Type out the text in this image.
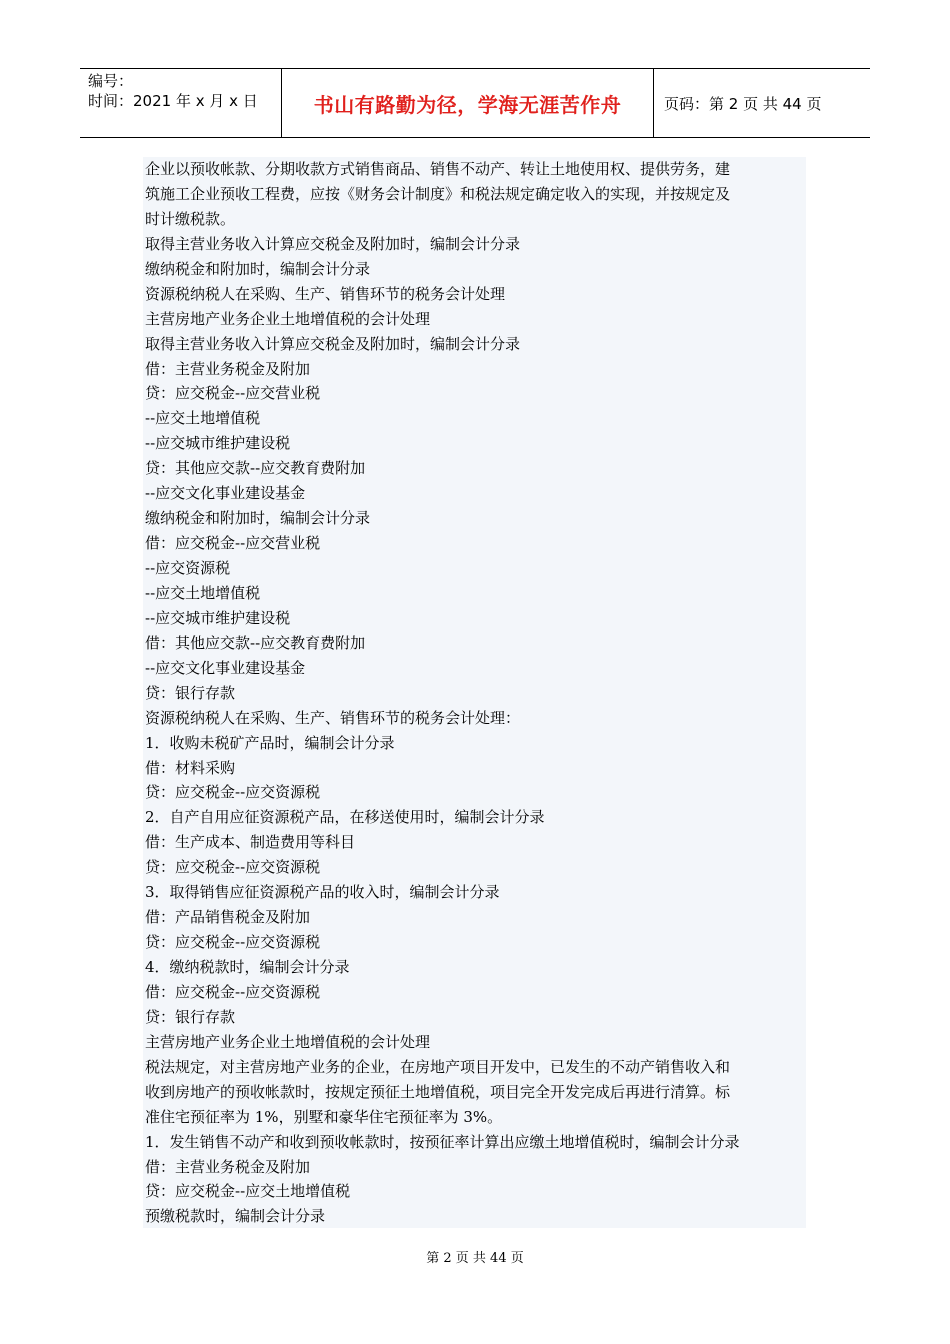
编号：
时间：2021 年 x 月 x 日	书山有路勤为径，学海无涯苦作舟	页码：第 2 页 共 44 页
企业以预收帐款、分期收款方式销售商品、销售不动产、转让土地使用权、提供劳务，建
筑施工企业预收工程费，应按《财务会计制度》和税法规定确定收入的实现，并按规定及
时计缴税款。
取得主营业务收入计算应交税金及附加时，编制会计分录
缴纳税金和附加时，编制会计分录
资源税纳税人在采购、生产、销售环节的税务会计处理
主营房地产业务企业土地增值税的会计处理
取得主营业务收入计算应交税金及附加时，编制会计分录
借：主营业务税金及附加
贷：应交税金--应交营业税
--应交土地增值税
--应交城市维护建设税
贷：其他应交款--应交教育费附加
--应交文化事业建设基金
缴纳税金和附加时，编制会计分录
借：应交税金--应交营业税
--应交资源税
--应交土地增值税
--应交城市维护建设税
借：其他应交款--应交教育费附加
--应交文化事业建设基金
贷：银行存款
资源税纳税人在采购、生产、销售环节的税务会计处理：
1．收购未税矿产品时，编制会计分录
借：材料采购
贷：应交税金--应交资源税
2．自产自用应征资源税产品，在移送使用时，编制会计分录
借：生产成本、制造费用等科目
贷：应交税金--应交资源税
3．取得销售应征资源税产品的收入时，编制会计分录
借：产品销售税金及附加
贷：应交税金--应交资源税
4．缴纳税款时，编制会计分录
借：应交税金--应交资源税
贷：银行存款
主营房地产业务企业土地增值税的会计处理
税法规定，对主营房地产业务的企业，在房地产项目开发中，已发生的不动产销售收入和
收到房地产的预收帐款时，按规定预征土地增值税，项目完全开发完成后再进行清算。标
准住宅预征率为 1%，别墅和豪华住宅预征率为 3%。
1．发生销售不动产和收到预收帐款时，按预征率计算出应缴土地增值税时，编制会计分录
借：主营业务税金及附加
贷：应交税金--应交土地增值税
预缴税款时，编制会计分录
第 2 页 共 44 页
